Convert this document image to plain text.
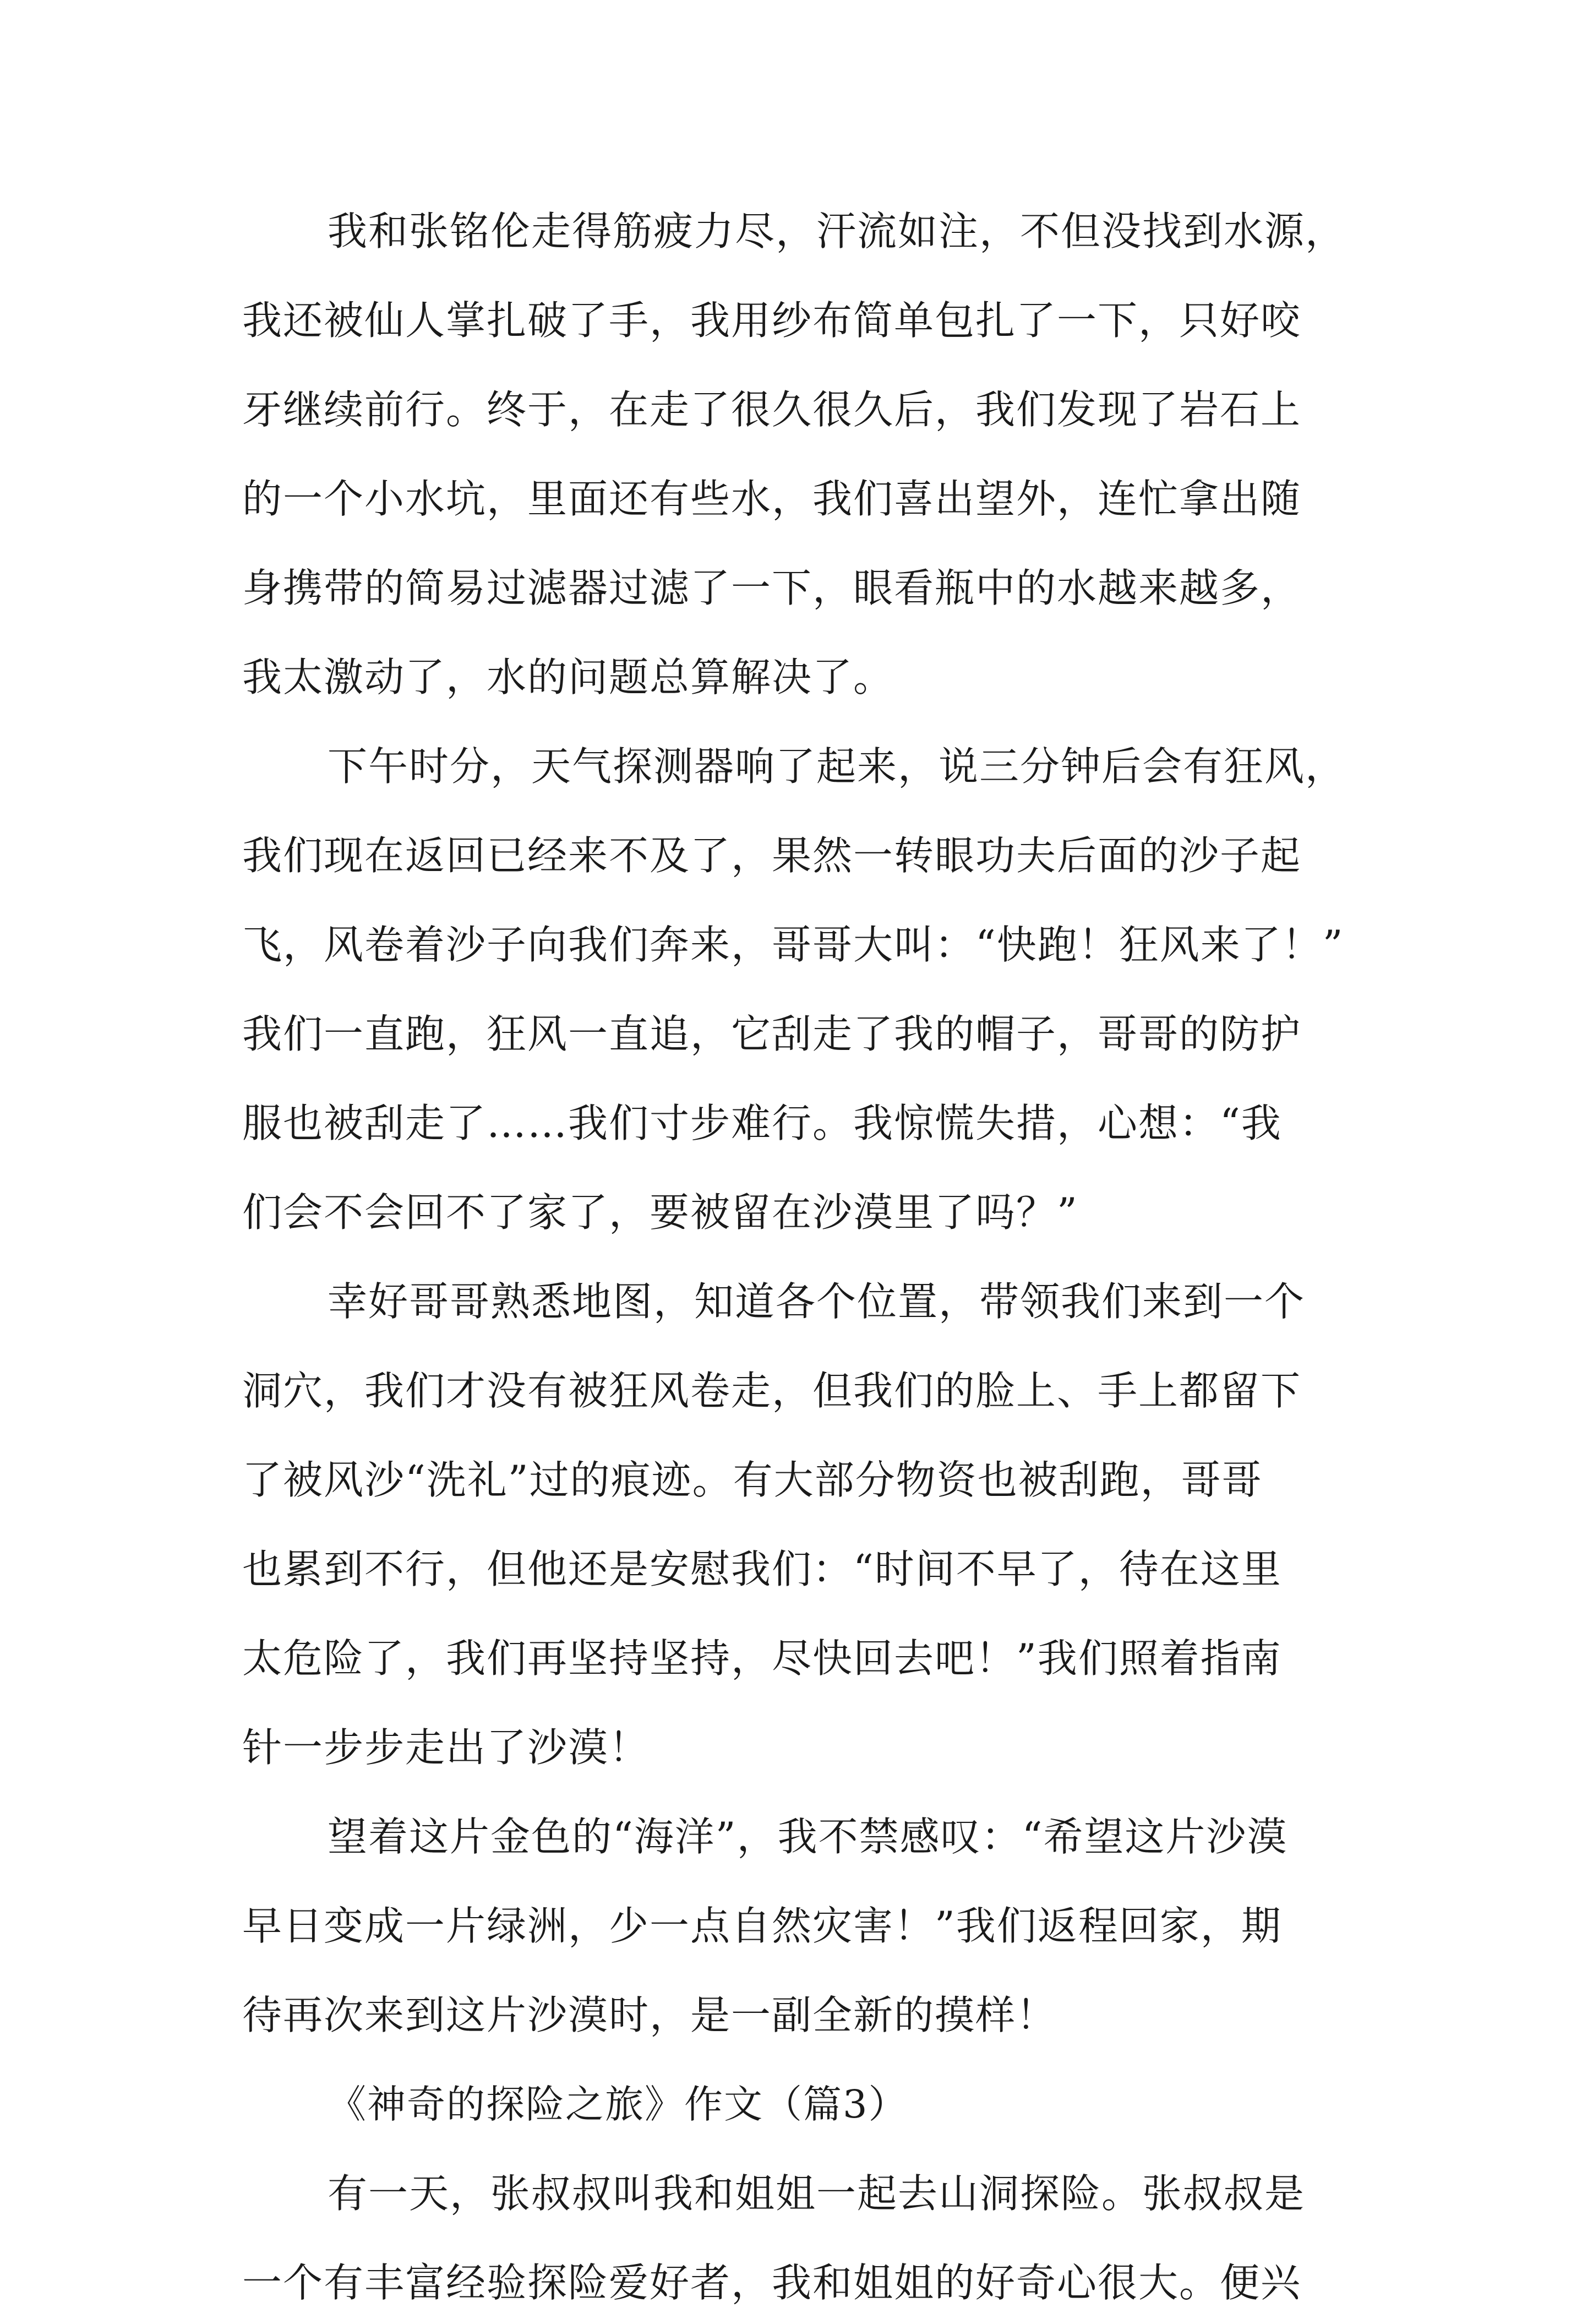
我和张铭伦走得筋疲力尽，汗流如注，不但没找到水源，
我还被仙人掌扎破了手，我用纱布简单包扎了一下，只好咬
牙继续前行。终于，在走了很久很久后，我们发现了岩石上
的一个小水坑，里面还有些水，我们喜出望外，连忙拿出随
身携带的简易过滤器过滤了一下，眼看瓶中的水越来越多，
我太激动了，水的问题总算解决了。
下午时分，天气探测器响了起来，说三分钟后会有狂风，
我们现在返回已经来不及了，果然一转眼功夫后面的沙子起
飞，风卷着沙子向我们奔来，哥哥大叫：“快跑！狂风来了！”
我们一直跑，狂风一直追，它刮走了我的帽子，哥哥的防护
服也被刮走了……我们寸步难行。我惊慌失措，心想：“我
们会不会回不了家了，要被留在沙漠里了吗？”
幸好哥哥熟悉地图，知道各个位置，带领我们来到一个
洞穴，我们才没有被狂风卷走，但我们的脸上、手上都留下
了被风沙“洗礼”过的痕迹。有大部分物资也被刮跑，哥哥
也累到不行，但他还是安慰我们：“时间不早了，待在这里
太危险了，我们再坚持坚持，尽快回去吧！”我们照着指南
针一步步走出了沙漠！
望着这片金色的“海洋”，我不禁感叹：“希望这片沙漠
早日变成一片绿洲，少一点自然灾害！”我们返程回家，期
待再次来到这片沙漠时，是一副全新的摸样！
《神奇的探险之旅》作文（篇3）
有一天，张叔叔叫我和姐姐一起去山洞探险。张叔叔是
一个有丰富经验探险爱好者，我和姐姐的好奇心很大。便兴
